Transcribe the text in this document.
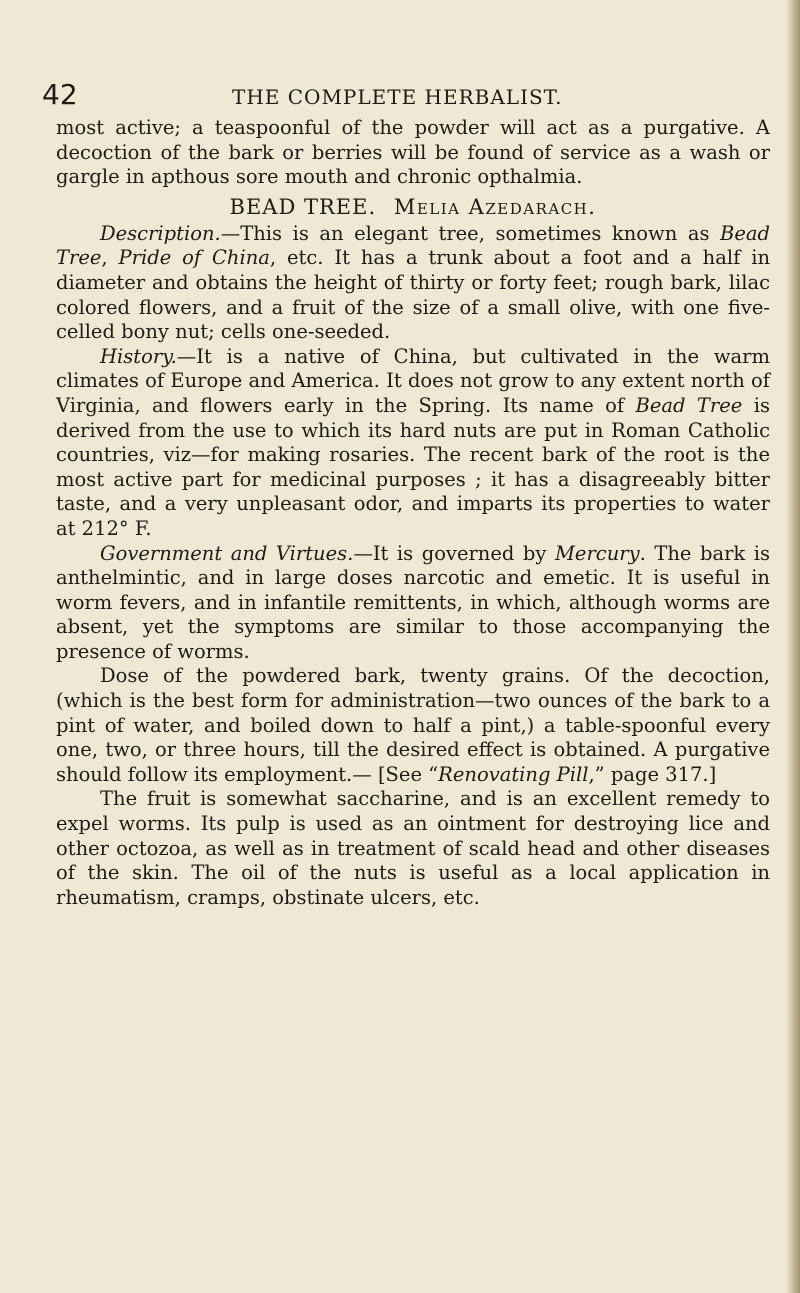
42	THE COMPLETE HERBALIST.

most active; a teaspoonful of the powder will act as a purgative. A decoction of the bark or berries will be found of service as a wash or gargle in apthous sore mouth and chronic opthalmia.

BEAD TREE. Melia Azedarach.

Description.—This is an elegant tree, sometimes known as Bead Tree, Pride of China, etc. It has a trunk about a foot and a half in diameter and obtains the height of thirty or forty feet; rough bark, lilac colored flowers, and a fruit of the size of a small olive, with one five-celled bony nut; cells one-seeded.

History.—It is a native of China, but cultivated in the warm climates of Europe and America. It does not grow to any extent north of Virginia, and flowers early in the Spring. Its name of Bead Tree is derived from the use to which its hard nuts are put in Roman Catholic countries, viz—for making rosaries. The recent bark of the root is the most active part for medicinal purposes ; it has a disagreeably bitter taste, and a very unpleasant odor, and imparts its properties to water at 212° F.

Government and Virtues.—It is governed by Mercury. The bark is anthelmintic, and in large doses narcotic and emetic. It is useful in worm fevers, and in infantile remittents, in which, although worms are absent, yet the symptoms are similar to those accompanying the presence of worms.

Dose of the powdered bark, twenty grains. Of the decoction, (which is the best form for administration—two ounces of the bark to a pint of water, and boiled down to half a pint,) a table-spoonful every one, two, or three hours, till the desired effect is obtained. A purgative should follow its employment.— [See “Renovating Pill,” page 317.]

The fruit is somewhat saccharine, and is an excellent remedy to expel worms. Its pulp is used as an ointment for destroying lice and other octozoa, as well as in treatment of scald head and other diseases of the skin. The oil of the nuts is useful as a local application in rheumatism, cramps, obstinate ulcers, etc.
